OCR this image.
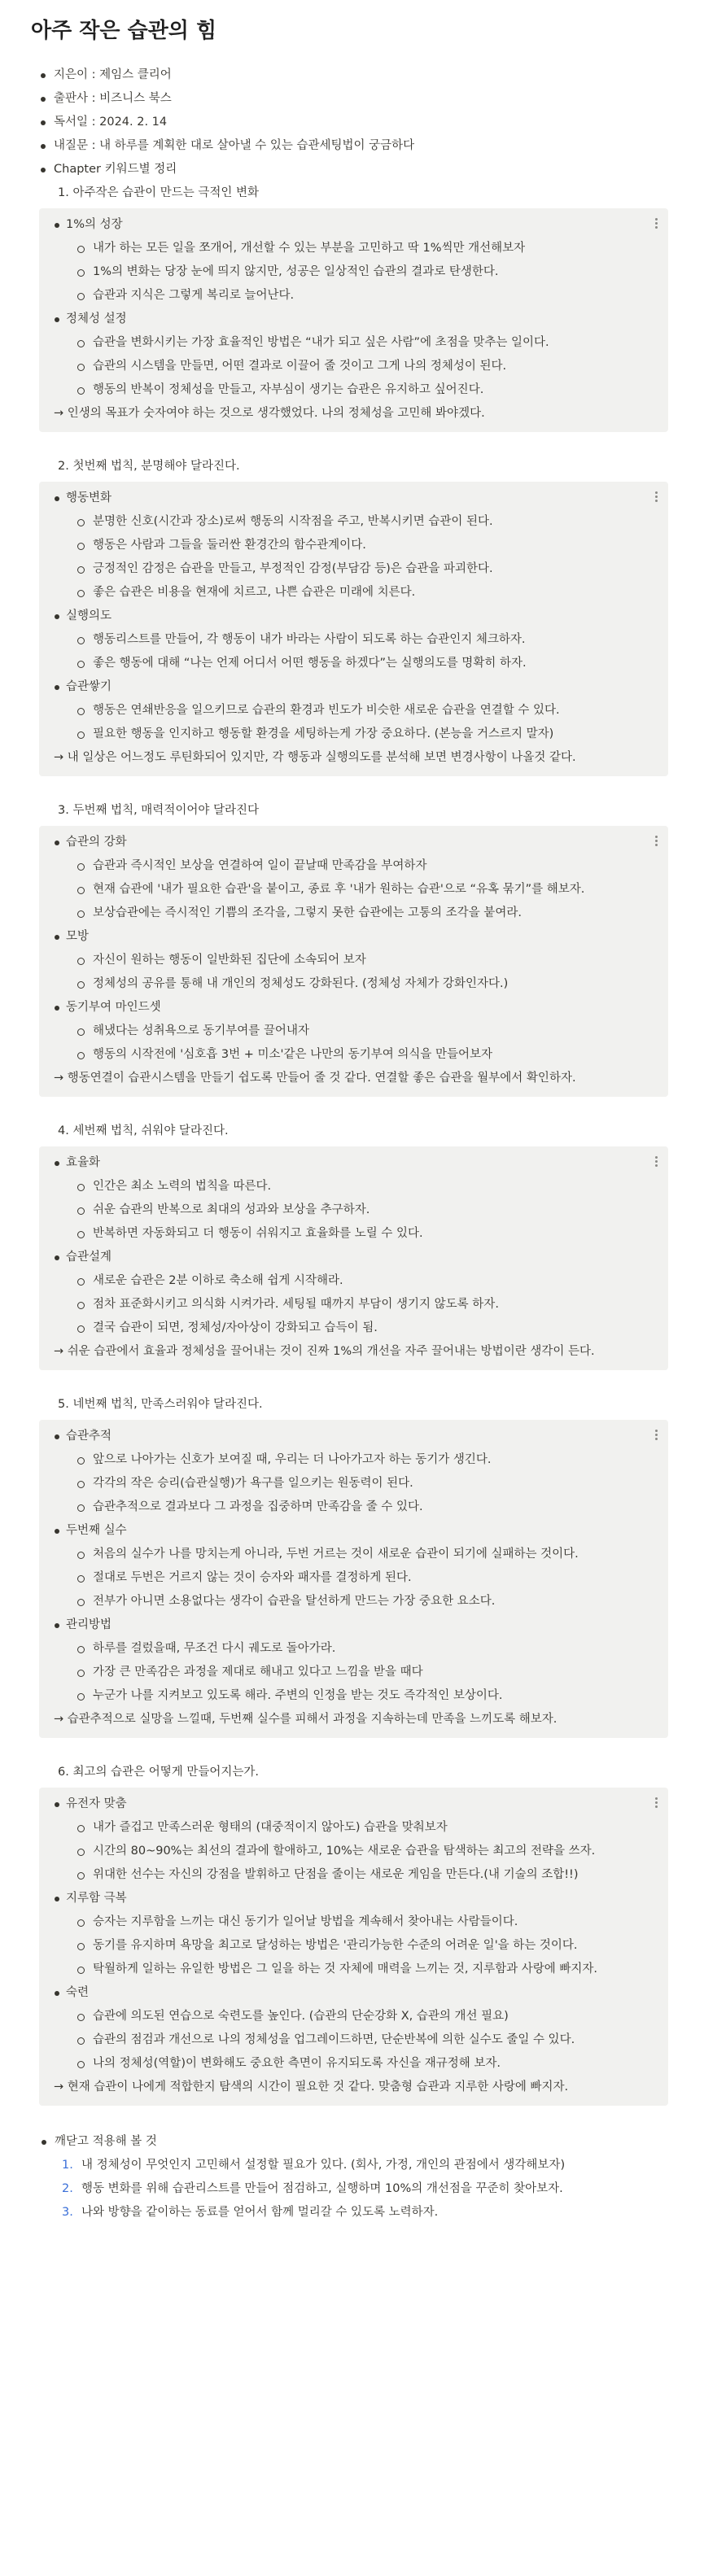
아주 작은 습관의 힘
지은이 : 제임스 클리어
출판사 : 비즈니스 북스
독서일 : 2024. 2. 14
내질문 : 내 하루를 계획한 대로 살아낼 수 있는 습관세팅법이 궁금하다
Chapter 키워드별 정리
1. 아주작은 습관이 만드는 극적인 변화
1%의 성장
내가 하는 모든 일을 쪼개어, 개선할 수 있는 부분을 고민하고 딱 1%씩만 개선해보자
1%의 변화는 당장 눈에 띄지 않지만, 성공은 일상적인 습관의 결과로 탄생한다.
습관과 지식은 그렇게 복리로 늘어난다.
정체성 설정
습관을 변화시키는 가장 효율적인 방법은 “내가 되고 싶은 사람”에 초점을 맞추는 일이다.
습관의 시스템을 만들면, 어떤 결과로 이끌어 줄 것이고 그게 나의 정체성이 된다.
행동의 반복이 정체성을 만들고, 자부심이 생기는 습관은 유지하고 싶어진다.
→ 인생의 목표가 숫자여야 하는 것으로 생각했었다. 나의 정체성을 고민해 봐야겠다.
2. 첫번째 법칙, 분명해야 달라진다.
행동변화
분명한 신호(시간과 장소)로써 행동의 시작점을 주고, 반복시키면 습관이 된다.
행동은 사람과 그들을 둘러싼 환경간의 함수관계이다.
긍정적인 감정은 습관을 만들고, 부정적인 감정(부담감 등)은 습관을 파괴한다.
좋은 습관은 비용을 현재에 치르고, 나쁜 습관은 미래에 치른다.
실행의도
행동리스트를 만들어, 각 행동이 내가 바라는 사람이 되도록 하는 습관인지 체크하자.
좋은 행동에 대해 “나는 언제 어디서 어떤 행동을 하겠다”는 실행의도를 명확히 하자.
습관쌓기
행동은 연쇄반응을 일으키므로 습관의 환경과 빈도가 비슷한 새로운 습관을 연결할 수 있다.
필요한 행동을 인지하고 행동할 환경을 세팅하는게 가장 중요하다. (본능을 거스르지 말자)
→ 내 일상은 어느정도 루틴화되어 있지만, 각 행동과 실행의도를 분석해 보면 변경사항이 나올것 같다.
3. 두번째 법칙, 매력적이어야 달라진다
습관의 강화
습관과 즉시적인 보상을 연결하여 일이 끝날때 만족감을 부여하자
현재 습관에 '내가 필요한 습관'을 붙이고, 종료 후 '내가 원하는 습관'으로 “유혹 묶기”를 해보자.
보상습관에는 즉시적인 기쁨의 조각을, 그렇지 못한 습관에는 고통의 조각을 붙여라.
모방
자신이 원하는 행동이 일반화된 집단에 소속되어 보자
정체성의 공유를 통해 내 개인의 정체성도 강화된다. (정체성 자체가 강화인자다.)
동기부여 마인드셋
해냈다는 성취욕으로 동기부여를 끌어내자
행동의 시작전에 '심호흡 3번 + 미소'같은 나만의 동기부여 의식을 만들어보자
→ 행동연결이 습관시스템을 만들기 쉽도록 만들어 줄 것 같다. 연결할 좋은 습관을 월부에서 확인하자.
4. 세번째 법칙, 쉬워야 달라진다.
효율화
인간은 최소 노력의 법칙을 따른다.
쉬운 습관의 반복으로 최대의 성과와 보상을 추구하자.
반복하면 자동화되고 더 행동이 쉬워지고 효율화를 노릴 수 있다.
습관설계
새로운 습관은 2분 이하로 축소해 쉽게 시작해라.
점차 표준화시키고 의식화 시켜가라. 세팅될 때까지 부담이 생기지 않도록 하자.
결국 습관이 되면, 정체성/자아상이 강화되고 습득이 됨.
→ 쉬운 습관에서 효율과 정체성을 끌어내는 것이 진짜 1%의 개선을 자주 끌어내는 방법이란 생각이 든다.
5. 네번째 법칙, 만족스러워야 달라진다.
습관추적
앞으로 나아가는 신호가 보여질 때, 우리는 더 나아가고자 하는 동기가 생긴다.
각각의 작은 승리(습관실행)가 욕구를 일으키는 원동력이 된다.
습관추적으로 결과보다 그 과정을 집중하며 만족감을 줄 수 있다.
두번째 실수
처음의 실수가 나를 망치는게 아니라, 두번 거르는 것이 새로운 습관이 되기에 실패하는 것이다.
절대로 두번은 거르지 않는 것이 승자와 패자를 결정하게 된다.
전부가 아니면 소용없다는 생각이 습관을 탈선하게 만드는 가장 중요한 요소다.
관리방법
하루를 걸렀을때, 무조건 다시 궤도로 돌아가라.
가장 큰 만족감은 과정을 제대로 해내고 있다고 느낌을 받을 때다
누군가 나를 지켜보고 있도록 해라. 주변의 인정을 받는 것도 즉각적인 보상이다.
→ 습관추적으로 실망을 느낄때, 두번째 실수를 피해서 과정을 지속하는데 만족을 느끼도록 해보자.
6. 최고의 습관은 어떻게 만들어지는가.
유전자 맞춤
내가 즐겁고 만족스러운 형태의 (대중적이지 않아도) 습관을 맞춰보자
시간의 80~90%는 최선의 결과에 할애하고, 10%는 새로운 습관을 탐색하는 최고의 전략을 쓰자.
위대한 선수는 자신의 강점을 발휘하고 단점을 줄이는 새로운 게임을 만든다.(내 기술의 조합!!)
지루함 극복
승자는 지루함을 느끼는 대신 동기가 일어날 방법을 계속해서 찾아내는 사람들이다.
동기를 유지하며 욕망을 최고로 달성하는 방법은 '관리가능한 수준의 어려운 일'을 하는 것이다.
탁월하게 일하는 유일한 방법은 그 일을 하는 것 자체에 매력을 느끼는 것, 지루함과 사랑에 빠지자.
숙련
습관에 의도된 연습으로 숙련도를 높인다. (습관의 단순강화 X, 습관의 개선 필요)
습관의 점검과 개선으로 나의 정체성을 업그레이드하면, 단순반복에 의한 실수도 줄일 수 있다.
나의 정체성(역할)이 변화해도 중요한 측면이 유지되도록 자신을 재규정해 보자.
→ 현재 습관이 나에게 적합한지 탐색의 시간이 필요한 것 같다. 맞춤형 습관과 지루한 사랑에 빠지자.
깨닫고 적용해 볼 것
1. 내 정체성이 무엇인지 고민해서 설정할 필요가 있다. (회사, 가정, 개인의 관점에서 생각해보자)
2. 행동 변화를 위해 습관리스트를 만들어 점검하고, 실행하며 10%의 개선점을 꾸준히 찾아보자.
3. 나와 방향을 같이하는 동료를 얻어서 함께 멀리갈 수 있도록 노력하자.
